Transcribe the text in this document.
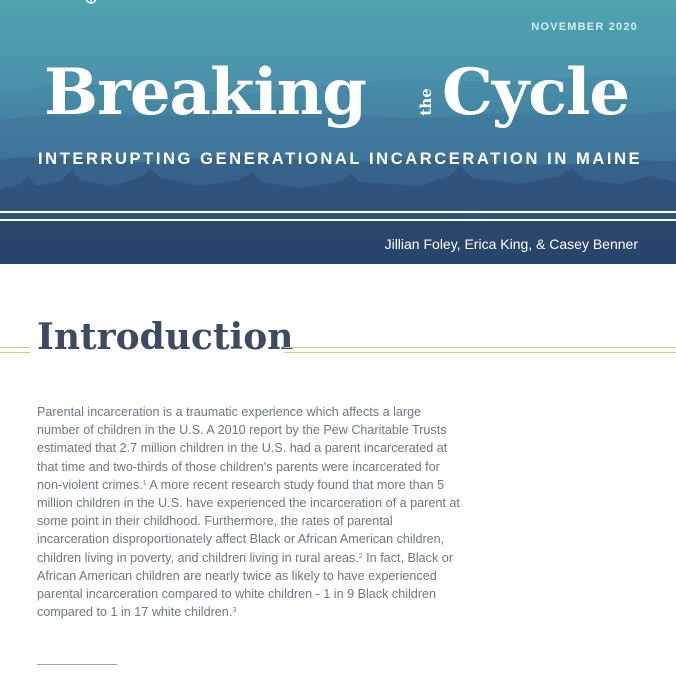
NOVEMBER 2020
Breaking	the Cycle
INTERRUPTING GENERATIONAL INCARCERATION IN MAINE
Jillian Foley, Erica King, & Casey Benner
Introduction

Parental incarceration is a traumatic experience which affects a large number of children in the U.S. A 2010 report by the Pew Charitable Trusts estimated that 2.7 million children in the U.S. had a parent incarcerated at that time and two-thirds of those children's parents were incarcerated for non-violent crimes.$^1$ A more recent research study found that more than 5 million children in the U.S. have experienced the incarceration of a parent at some point in their childhood. Furthermore, the rates of parental incarceration disproportionately affect Black or African American children, children living in poverty, and children living in rural areas.$^2$ In fact, Black or African American children are nearly twice as likely to have experienced parental incarceration compared to white children - 1 in 9 Black children compared to 1 in 17 white children.$^3$
